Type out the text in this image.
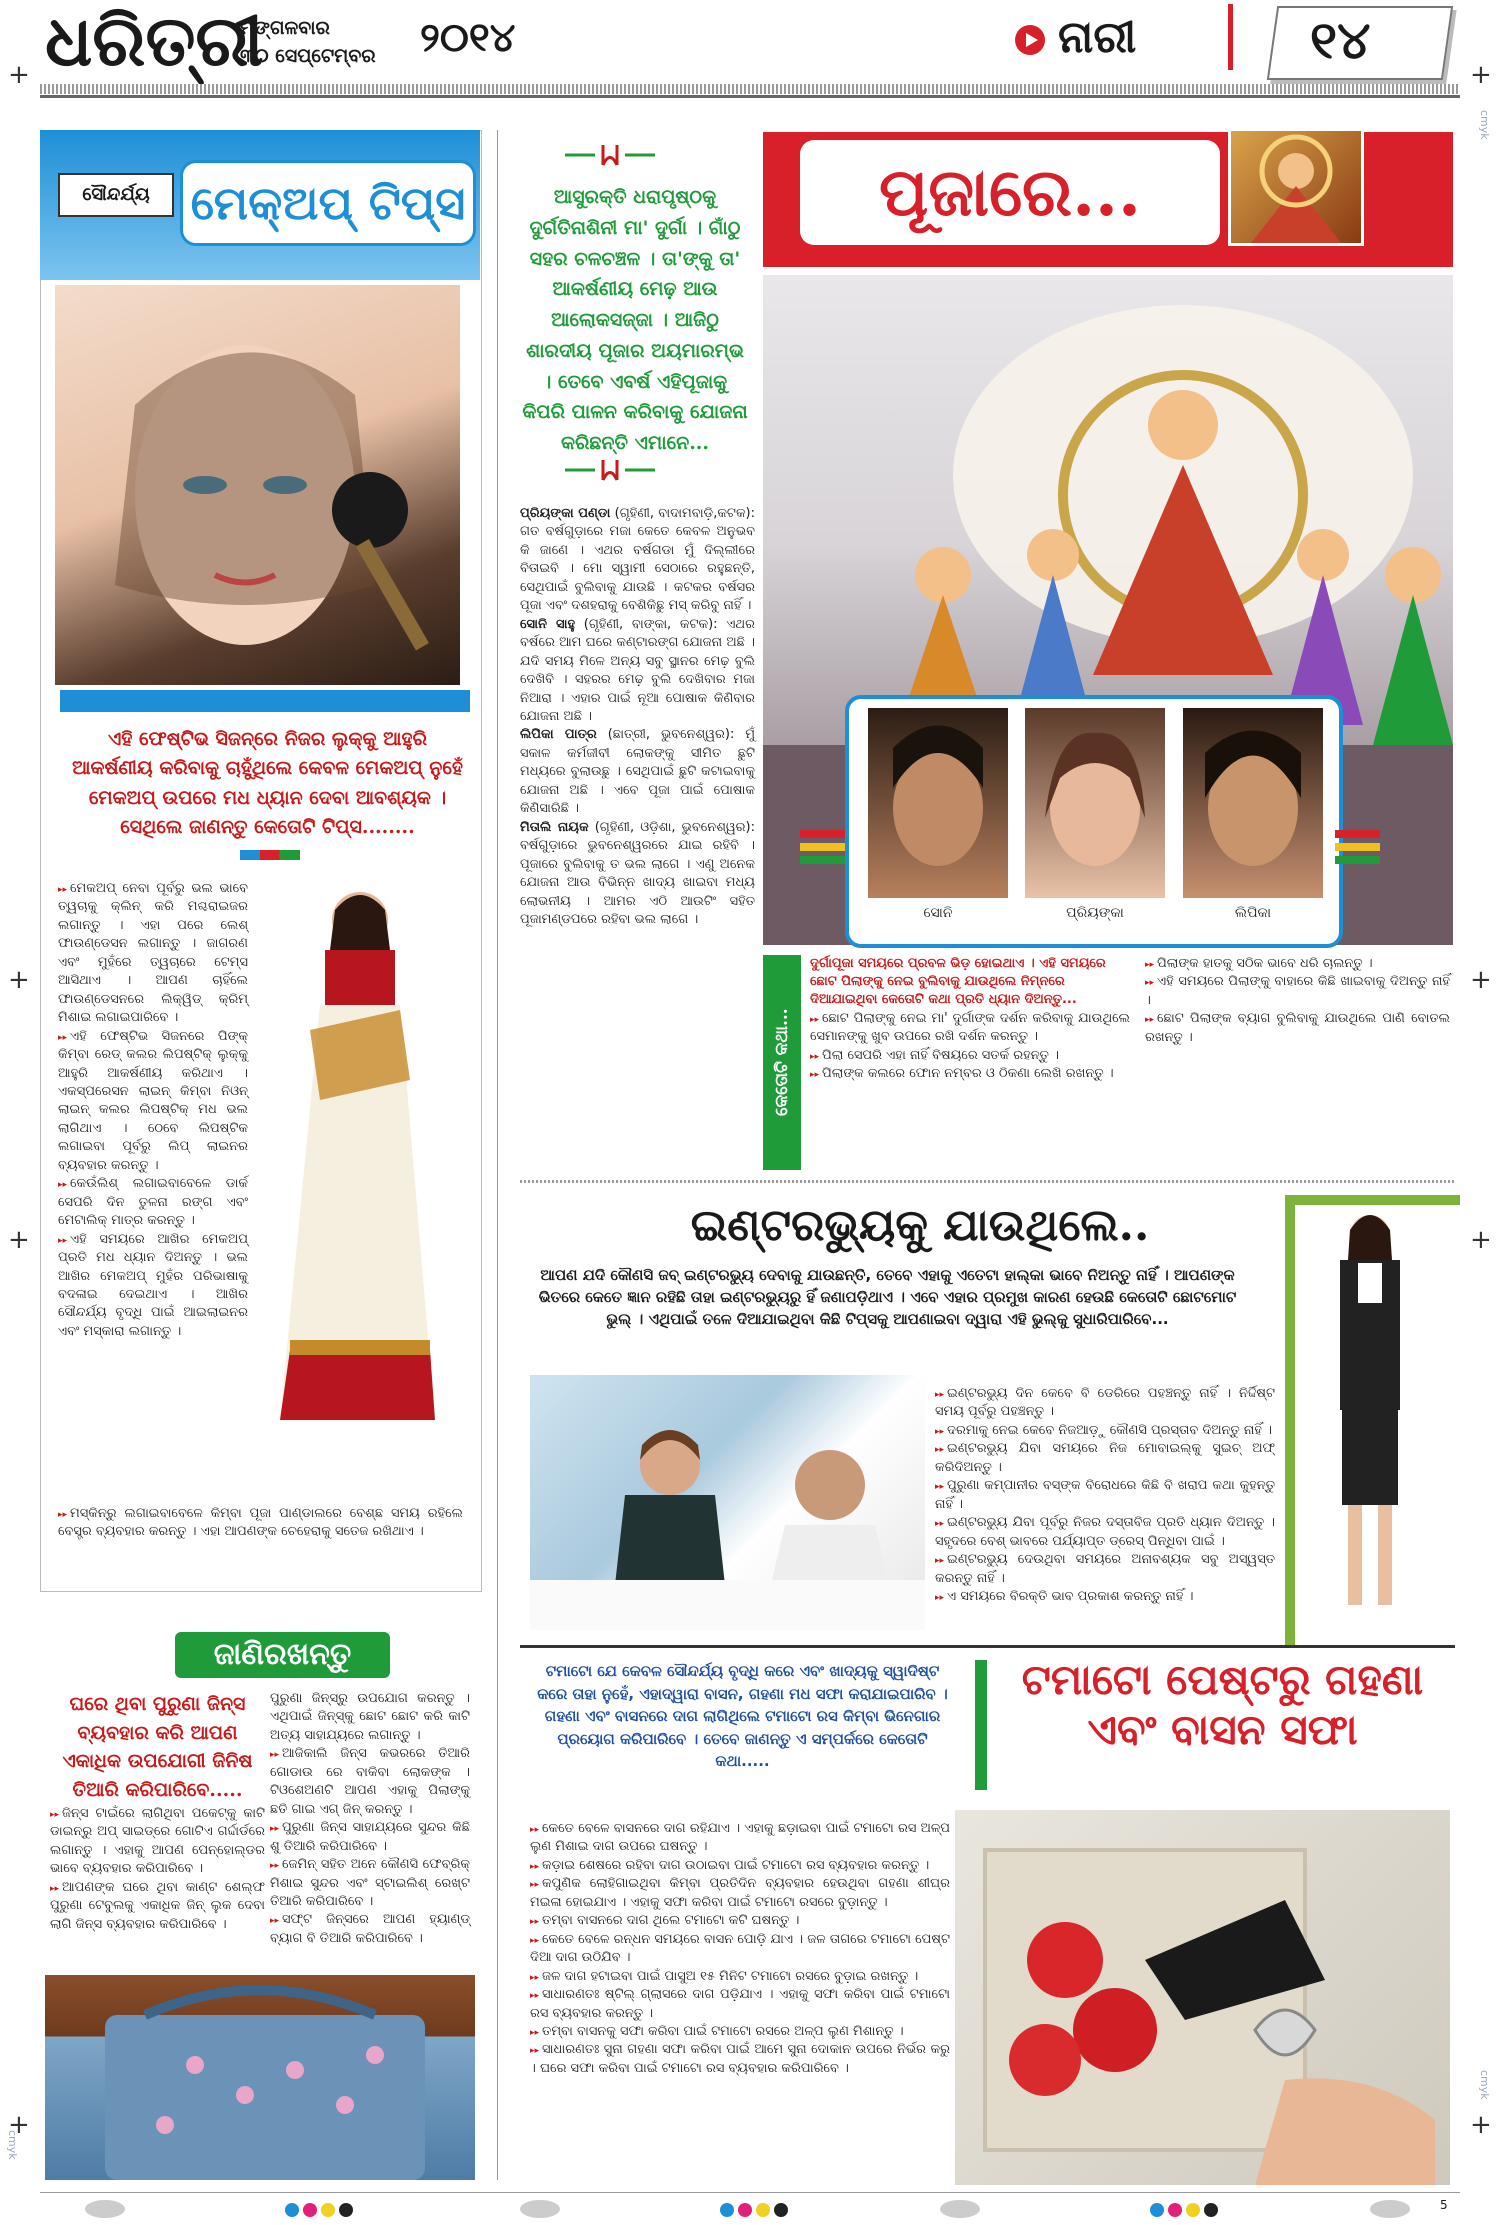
ଧରିତ୍ରୀ
ମଙ୍ଗଳବାର
୩୦ ସେପ୍ଟେମ୍ବର ୨୦୧୪	ନାରୀ	୧୪
+	+
ସୌନ୍ଦର୍ଯ୍ୟ ମେକ୍‌ଅପ୍ ଟିପ୍ସ
ଏହି ଫେଷ୍ଟିଭ ସିଜନ୍‌ରେ ନିଜର ଲୁକ୍‌କୁ ଆହୁରି ଆକର୍ଷଣୀୟ କରିବାକୁ ଚାହୁଁଥିଲେ କେବଳ ମେକଅପ୍ ନୁହେଁ ମେକଅପ୍ ଉପରେ ମଧ ଧ୍ୟାନ ଦେବା ଆବଶ୍ୟକ । ସେଥିଲେ ଜାଣନ୍ତୁ କେତୋଟି ଟିପ୍ସ........
▸▸ ମେକଅପ୍ ନେବା ପୂର୍ବରୁ ଭଲ ଭାବେ ତ୍ୱଚାକୁ କ୍ଲିନ୍ କରି ମଶ୍ଚରାଇଜର ଲଗାନ୍ତୁ । ଏହା ପରେ ଲେଶ୍ ଫାଉଣ୍ଡେସନ ଲଗାନ୍ତୁ । ଜାଗରଣ ଏବଂ ମୁହଁରେ ତ୍ୱଚାରେ ଟେମ୍ସ ଆସିଥାଏ । ଆପଣ ଚାହିଁଲେ ଫାଉଣ୍ଡେସନରେ ଲିକ୍ୱିଡ୍ କ୍ରିମ୍ ମିଶାଇ ଲଗାଇପାରିବେ ।
▸▸ ଏହି ଫେଷ୍ଟିଭ ସିଜନରେ ପିଙ୍କ୍ କିମ୍ବା ରେଡ୍ କଲର ଲିପଷ୍ଟିକ୍ ଲୁକ୍‌କୁ ଆହୁରି ଆକର୍ଷଣୀୟ କରିଥାଏ । ଏକସ୍ପରେସନ ଲାଇନ୍ କିମ୍ବା ନିଓନ୍ ଲାଇନ୍ କଲର ଲିପଷ୍ଟିକ୍ ମଧ ଭଲ ଲାଗିଥାଏ । ଠେବେ ଲିପଷ୍ଟିକ ଲଗାଇବା ପୂର୍ବରୁ ଲିପ୍ ଲାଇନର ବ୍ୟବହାର କରନ୍ତୁ ।
▸▸ କେଉଁଲିଶ୍ ଲଗାଇବାବେଳେ ଡାର୍କ ସେପରି ଦିନ ତୁଳନା ରଙ୍ଗ ଏବଂ ମେଟାଲିକ୍ ମାତ୍ର କରନ୍ତୁ ।
▸▸ ଏହି ସମୟରେ ଆଖିର ମେକଅପ୍ ପ୍ରତି ମଧ ଧ୍ୟାନ ଦିଅନ୍ତୁ । ଭଲ ଆଖିର ମେକଅପ୍ ମୁହଁର ପରିଭାଷାକୁ ବଦଳାଇ ଦେଇଥାଏ । ଆଖିର ସୌନ୍ଦର୍ଯ୍ୟ ବୃଦ୍ଧି ପାଇଁ ଆଇଲାଇନର ଏବଂ ମସ୍କାରା ଲଗାନ୍ତୁ ।
▸▸ ମସ୍କିନ୍‌ରୁ ଲଗାଇବାବେଳେ କିମ୍ବା ପୂଜା ପାଣ୍ଡାଲରେ ବେଶ୍ଛ ସମୟ ରହିଲେ ବେସ୍ତ୍ର ବ୍ୟବହାର କରନ୍ତୁ । ଏହା ଆପଣଙ୍କ ଚେହେରାକୁ ସତେଜ ରଖିଥାଏ ।
ଜାଣିରଖନ୍ତୁ
ଘରେ ଥିବା ପୁରୁଣା ଜିନ୍‌ସ ବ୍ୟବହାର କରି ଆପଣ ଏକାଧିକ ଉପଯୋଗୀ ଜିନିଷ ତିଆରି କରିପାରିବେ.....
▸▸ ଜିନ୍‌ସ ଟାଇଁରେ ଲାଗିଥିବା ପକେଟ୍‌କୁ କାଟି ଡାଇନ୍‌ରୁ ଅପ୍ ସାଇଡ୍‌ରେ ଗୋଟିଏ ଗର୍ଦ୍ଦାର୍ଡରେ ଲଗାନ୍ତୁ । ଏହାକୁ ଆପଣ ପେନ୍‌ହୋଲ୍ଡର ଭାବେ ବ୍ୟବହାର କରିପାରିବେ ।
▸▸ ଆପଣଙ୍କ ଘରେ ଥିବା କାଣ୍ଟ ଶେଲ୍ଫ ପୁରୁଣା ଟେବୁଲକୁ ଏକାଧିକ ଜିନ୍ ଲୁକ ଦେବା ଲାଗି ଜିନ୍‌ସ ବ୍ୟବହାର କରିପାରିବେ ।
ପୁରୁଣା ଜିନ୍‌ସ୍‌ରୁ ଉପଯୋଗ କରନ୍ତୁ । ଏଥିପାଇଁ ଜିନ୍‌ସ୍‌କୁ ଛୋଟ ଛୋଟ କରି କାଟି ଅତ୍ୟ ସାହାଯ୍ୟରେ ଲଗାନ୍ତୁ ।
▸▸ ଆଜିକାଲି ଜିନ୍‌ସ କଭରରେ ତିଆରି ଗୋଡାଉ ରେ ବାକିବା ଲୋକଙ୍କ । ଟିଓଶେଅଣଟି ଆପଣ ଏହାକୁ ପିଲାଙ୍କୁ ଛତି ଗାଇ ଏଗ୍ ଜିନ୍ କରନ୍ତୁ ।
▸▸ ପୁରୁଣା ଜିନ୍‌ସ ସାହାଯ୍ୟରେ ସୁନ୍ଦର କିଛି ଶୁ ତିଆରି କରିପାରିବେ ।
▸▸ ଜେମିନ୍ ସହିତ ଅନେ କୌଣସି ଫେବ୍ରିକ୍ ମିଶାଇ ସୁନ୍ଦର ଏବଂ ସ୍ଟାଇଲିଶ୍ ରେଖ୍ଟ ତିଆରି କରିପାରିବେ ।
▸▸ ସଫ୍ଟ ଜିନ୍‌ସରେ ଆପଣ ହ୍ୟାଣ୍ଡ୍ ବ୍ୟାଗ ବି ତିଆରି କରିପାରିବେ ।
ଆସୁରକ୍ତି ଧରାପୃଷ୍ଠକୁ ଦୁର୍ଗତିନାଶିନୀ ମା' ଦୁର୍ଗା । ଗାଁଠୁ ସହର ଚଳଚଞ୍ଚଳ । ତା'ଙ୍କୁ ତା' ଆକର୍ଷଣୀୟ ମେଢ଼ ଆଉ ଆଲୋକସଜ୍ଜା । ଆଜିଠୁ ଶାରଦୀୟ ପୂଜାର ଅୟମାରମ୍ଭ । ତେବେ ଏବର୍ଷ ଏହିପୂଜାକୁ କିପରି ପାଳନ କରିବାକୁ ଯୋଜନା କରିଛନ୍ତି ଏମାନେ...
ପ୍ରିୟଙ୍କା ପଣ୍ଡା (ଗୃହିଣୀ, ବାଦାମବାଡ଼ି,କଟକ): ଗତ ବର୍ଷଗୁଡ଼ାରେ ମଜା କେତେ କେବଳ ଅନୁଭବ କି ଜାଣେ । ଏଥର ବର୍ଷଗଡା ମୁଁ ଦିଲ୍ଲୀରେ ବିତାଇବି । ମୋ ସ୍ୱାମୀ ସେଠାରେ ରହୁଛନ୍ତି, ସେଥିପାଇଁ ବୁଲିବାକୁ ଯାଉଛି । କଟକର ବର୍ଷସର ପୂଜା ଏବଂ ଦଶହରାକୁ ବେଶିକିଛୁ ମସ୍‌ କରିବୁ ନାହିଁ ।
ସୋନି ସାହୁ (ଗୃହିଣୀ, ବାଙ୍କା, କଟକ): ଏଥର ବର୍ଷରେ ଆମ ଘରେ କଣ୍ଟାରଙ୍ଗ ଯୋଜନା ଅଛି । ଯଦି ସମୟ ମିଳେ ଅନ୍ୟ ସବୁ ସ୍ଥାନର ମେଢ଼ ବୁଲି ଦେଖିବି । ସହରର ମେଢ଼ ବୁଲି ଦେଖିବାର ମଜା ନିଆରା । ଏହାର ପାଇଁ ନୂଆ ପୋଷାକ କିଣିବାର ଯୋଜନା ଅଛି ।
ଲିପିକା ପାତ୍ର (ଛାତ୍ରୀ, ଭୁବନେଶ୍ୱର): ମୁଁ ସକାଳ କର୍ମଜୀବୀ ଲୋକଙ୍କୁ ସୀମିତ ଛୁଟି ମଧ୍ୟରେ ବୁଲାଉଛୁ । ସେଥିପାଇଁ ଛୁଟି କଟାଇବାକୁ ଯୋଜନା ଅଛି । ଏବେ ପୂଜା ପାଇଁ ପୋଷାକ କିଣିସାରିଛି ।
ମିତାଲି ନାୟକ (ଗୃହିଣୀ, ଓଡ଼ିଶା, ଭୁବନେଶ୍ୱର): ବର୍ଷଗୁଡ଼ାରେ ଭୁବନେଶ୍ୱରରେ ଯାଇ ରହିବି । ପୂଜାରେ ବୁଲିବାକୁ ତ ଭଲ ଲାଗେ । ଏଣୁ ଅନେକ ଯୋଜନା ଆଉ ବିଭିନ୍ନ ଖାଦ୍ୟ ଖାଇବା ମଧ୍ୟ ଲୋଭନୀୟ । ଆମର ଏଠି ଆଉଟିଂ ସହିତ ପୂଜାମଣ୍ଡପରେ ରହିବା ଭଲ ଲାଗେ ।
ପୂଜାରେ...
ସୋନି	ପ୍ରିୟଙ୍କା	ଲିପିକା
କେତୋଟି କଥା...
ଦୁର୍ଗାପୂଜା ସମୟରେ ପ୍ରବଳ ଭିଡ଼ ହୋଇଥାଏ । ଏହି ସମୟରେ ଛୋଟ ପିଲାଙ୍କୁ ନେଇ ବୁଲିବାକୁ ଯାଉଥିଲେ ନିମ୍ନରେ ଦିଆଯାଇଥିବା କେତୋଟି କଥା ପ୍ରତି ଧ୍ୟାନ ଦିଅନ୍ତୁ...
▸▸ ଛୋଟ ପିଲାଙ୍କୁ ନେଇ ମା' ଦୁର୍ଗାଙ୍କ ଦର୍ଶନ କରିବାକୁ ଯାଉଥିଲେ ସେମାନଙ୍କୁ ଖୁବ ଉପରେ ରଖି ଦର୍ଶନ କରନ୍ତୁ ।
▸▸ ପିଲା ସେପରି ଏହା ନାହିଁ ବିଷୟରେ ସତର୍କ ରହନ୍ତୁ ।
▸▸ ପିଲାଙ୍କ କଲରେ ଫୋନ ନମ୍ବର ଓ ଠିକଣା ଲେଖି ରଖନ୍ତୁ ।
▸▸ ପିଲାଙ୍କ ହାତକୁ ସଠିକ ଭାବେ ଧରି ଚାଲନ୍ତୁ ।
▸▸ ଏହି ସମୟରେ ପିଲାଙ୍କୁ ବାହାରେ କିଛି ଖାଇବାକୁ ଦିଅନ୍ତୁ ନାହିଁ ।
▸▸ ଛୋଟ ପିଲାଙ୍କ ବ୍ୟାଗ ବୁଲିବାକୁ ଯାଉଥିଲେ ପାଣି ବୋତଲ ରଖନ୍ତୁ ।
ଇଣ୍ଟରଭ୍ୟୁକୁ ଯାଉଥିଲେ..
ଆପଣ ଯଦି କୌଣସି ଜବ୍ ଇଣ୍ଟରଭ୍ୟୁ ଦେବାକୁ ଯାଉଛନ୍ତି, ତେବେ ଏହାକୁ ଏତେଟା ହାଲ୍‌କା ଭାବେ ନିଅନ୍ତୁ ନାହିଁ । ଆପଣଙ୍କ ଭିତରେ କେତେ ଜ୍ଞାନ ରହିଛି ତାହା ଇଣ୍ଟରଭ୍ୟୁରୁ ହିଁ ଜଣାପଡ଼ିଥାଏ । ଏବେ ଏହାର ପ୍ରମୁଖ କାରଣ ହେଉଛି କେତୋଟି ଛୋଟମୋଟ ଭୁଲ୍ । ଏଥିପାଇଁ ତଳେ ଦିଆଯାଇଥିବା କିଛି ଟିପ୍ସକୁ ଆପଣାଇବା ଦ୍ୱାରା ଏହି ଭୁଲ୍‌କୁ ସୁଧାରିପାରିବେ...
▸▸ ଇଣ୍ଟରଭ୍ୟୁ ଦିନ କେବେ ବି ଡେରିରେ ପହଞ୍ଚନ୍ତୁ ନାହିଁ । ନିର୍ଦ୍ଦିଷ୍ଟ ସମୟ ପୂର୍ବରୁ ପହଞ୍ଚନ୍ତୁ ।
▸▸ ଦରମାକୁ ନେଇ କେବେ ନିଜଆଡ଼ୁ କୌଣସି ପ୍ରସ୍ତାବ ଦିଅନ୍ତୁ ନାହିଁ ।
▸▸ ଇଣ୍ଟରଭ୍ୟୁ ଯିବା ସମୟରେ ନିଜ ମୋବାଇଲ୍‌କୁ ସୁଇଚ୍ ଅଫ୍ କରିଦିଅନ୍ତୁ ।
▸▸ ପୁରୁଣା କମ୍ପାନୀର ବସ୍ଙ୍କ ବିରୋଧରେ କିଛି ବି ଖରାପ କଥା କୁହନ୍ତୁ ନାହିଁ ।
▸▸ ଇଣ୍ଟରଭ୍ୟୁ ଯିବା ପୂର୍ବରୁ ନିଜର ଦସ୍ତାବିଜ ପ୍ରତି ଧ୍ୟାନ ଦିଅନ୍ତୁ । ସହୃଦରେ ବେଶ୍ ଭାବରେ ପର୍ଯ୍ୟାପ୍ତ ଡ୍ରେସ୍ ପିନ୍ଧିବା ପାଇଁ ।
▸▸ ଇଣ୍ଟରଭ୍ୟୁ ଦେଉଥିବା ସମୟରେ ଅନାବଶ୍ୟକ ସବୁ ଅସ୍ୱସ୍ତ କରନ୍ତୁ ନାହିଁ ।
▸▸ ଏ ସମୟରେ ବିରକ୍ତି ଭାବ ପ୍ରକାଶ କରନ୍ତୁ ନାହିଁ ।
ଟମାଟୋ ଯେ କେବଳ ସୌନ୍ଦର୍ଯ୍ୟ ବୃଦ୍ଧି କରେ ଏବଂ ଖାଦ୍ୟକୁ ସ୍ୱାଦିଷ୍ଟ କରେ ତାହା ନୁହେଁ, ଏହାଦ୍ୱାରା ବାସନ, ଗହଣା ମଧ ସଫା କରାଯାଇପାରିବ । ଗହଣା ଏବଂ ବାସନରେ ଦାଗ ଲାଗିଥିଲେ ଟମାଟୋ ରସ କିମ୍ବା ଭିନେଗାର ପ୍ରୟୋଗ କରିପାରିବେ । ତେବେ ଜାଣନ୍ତୁ ଏ ସମ୍ପର୍କରେ କେତୋଟି କଥା.....
ଟମାଟୋ ପେଷ୍ଟରୁ ଗହଣା ଏବଂ ବାସନ ସଫା
▸▸ କେତେ ବେଳେ ବାସନରେ ଦାଗ ରହିଯାଏ । ଏହାକୁ ଛଡ଼ାଇବା ପାଇଁ ଟମାଟୋ ରସ ଅଳ୍ପ ଲୁଣ ମିଶାଇ ଦାଗ ଉପରେ ଘଷନ୍ତୁ ।
▸▸ କଡ଼ାଇ ଶେଷରେ ରହିବା ଦାଗ ଉଠାଇବା ପାଇଁ ଟମାଟୋ ରସ ବ୍ୟବହାର କରନ୍ତୁ ।
▸▸ କପୁଣିକ ଲୋହିଗାଇଥିବା କିମ୍ବା ପ୍ରତିଦିନ ବ୍ୟବହାର ହେଉଥିବା ଗହଣା ଶୀଘ୍ର ମଇଳା ହୋଇଯାଏ । ଏହାକୁ ସଫା କରିବା ପାଇଁ ଟମାଟୋ ରସରେ ବୁଡ଼ାନ୍ତୁ ।
▸▸ ତମ୍ବା ବାସନରେ ଦାଗ ଥିଲେ ଟମାଟୋ କଟି ଘଷନ୍ତୁ ।
▸▸ କେତେ ବେଳେ ରନ୍ଧନ ସମୟରେ ବାସନ ପୋଡ଼ି ଯାଏ । ଜଳ ତାଗରେ ଟମାଟୋ ପେଷ୍ଟ ଦିଆ ଦାଗ ଉଠିଯିବ ।
▸▸ ଜଳ ଦାଗ ହଟାଇବା ପାଇଁ ପାସୁଅ ୧୫ ମିନିଟ ଟମାଟୋ ରସରେ ବୁଡ଼ାଇ ରଖନ୍ତୁ ।
▸▸ ସାଧାରଣତଃ ଷ୍ଟିଲ୍ ଗ୍ଲାସରେ ଦାଗ ପଡ଼ିଯାଏ । ଏହାକୁ ସଫା କରିବା ପାଇଁ ଟମାଟୋ ରସ ବ୍ୟବହାର କରନ୍ତୁ ।
▸▸ ତମ୍ବା ବାସନକୁ ସଫା କରିବା ପାଇଁ ଟମାଟୋ ରସରେ ଅଳ୍ପ ଲୁଣ ମିଶାନ୍ତୁ ।
▸▸ ସାଧାରଣତଃ ସୁନା ଗହଣା ସଫା କରିବା ପାଇଁ ଆମେ ସୁନା ଦୋକାନ ଉପରେ ନିର୍ଭର କରୁ । ଘରେ ସଫା କରିବା ପାଇଁ ଟମାଟୋ ରସ ବ୍ୟବହାର କରିପାରିବେ ।
+	+
+	+
+	+
cmyk
cmyk
cmyk
5
